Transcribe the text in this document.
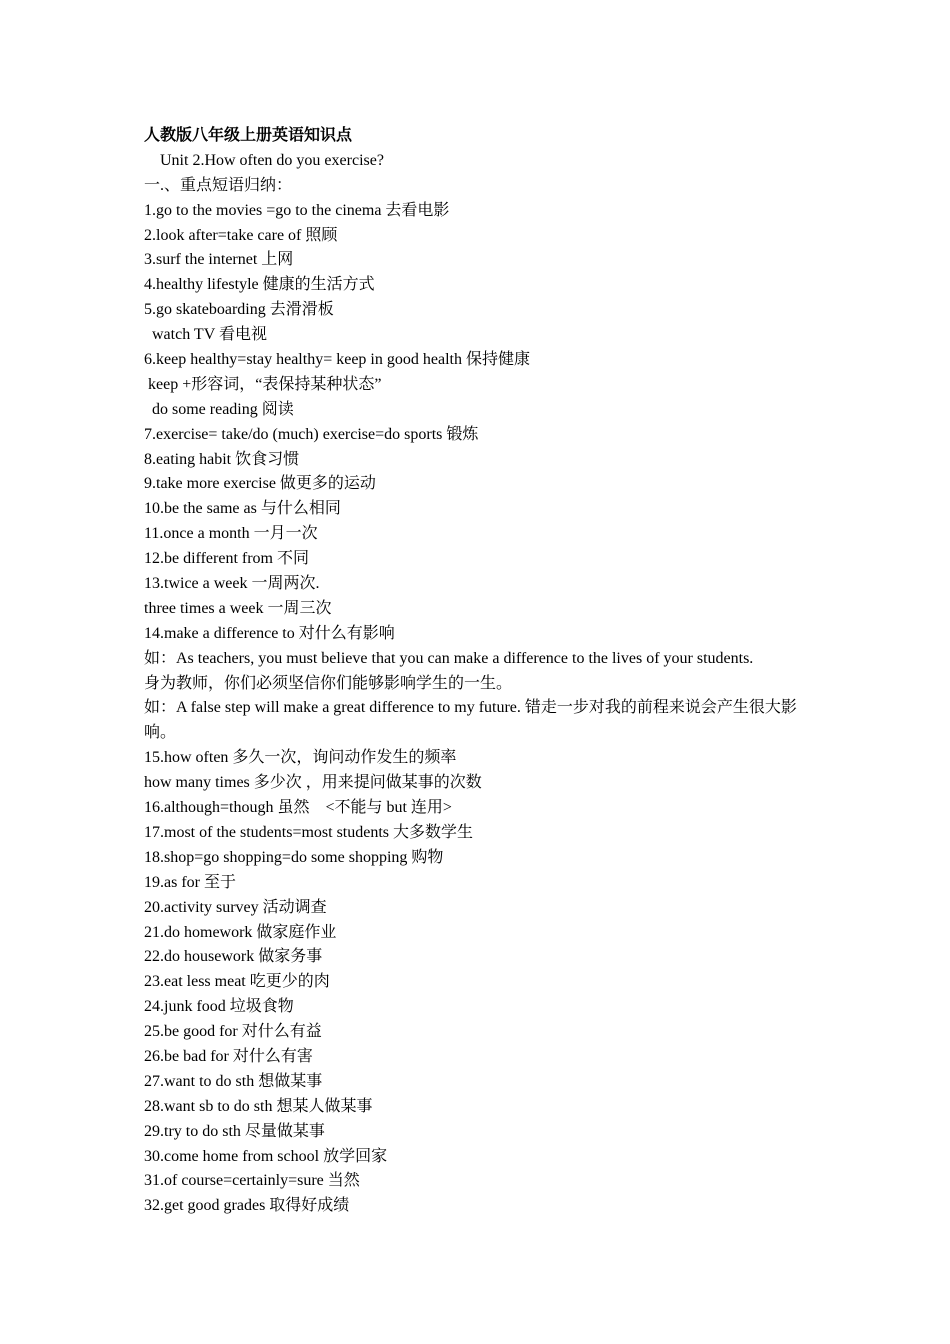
人教版八年级上册英语知识点
Unit 2.How often do you exercise?
一.、重点短语归纳：
1.go to the movies =go to the cinema 去看电影
2.look after=take care of 照顾
3.surf the internet 上网
4.healthy lifestyle 健康的生活方式
5.go skateboarding 去滑滑板
watch TV 看电视
6.keep healthy=stay healthy= keep in good health 保持健康
keep +形容词，“表保持某种状态”
do some reading 阅读
7.exercise= take/do (much) exercise=do sports 锻炼
8.eating habit 饮食习惯
9.take more exercise 做更多的运动
10.be the same as 与什么相同
11.once a month 一月一次
12.be different from 不同
13.twice a week 一周两次.
three times a week 一周三次
14.make a difference to 对什么有影响
如：As teachers, you must believe that you can make a difference to the lives of your students.
身为教师，你们必须坚信你们能够影响学生的一生。
如：A false step will make a great difference to my future. 错走一步对我的前程来说会产生很大影响。
15.how often 多久一次，询问动作发生的频率
how many times 多少次 ，用来提问做某事的次数
16.although=though 虽然　<不能与 but 连用>
17.most of the students=most students 大多数学生
18.shop=go shopping=do some shopping 购物
19.as for 至于
20.activity survey 活动调查
21.do homework 做家庭作业
22.do housework 做家务事
23.eat less meat 吃更少的肉
24.junk food 垃圾食物
25.be good for 对什么有益
26.be bad for 对什么有害
27.want to do sth 想做某事
28.want sb to do sth 想某人做某事
29.try to do sth 尽量做某事
30.come home from school 放学回家
31.of course=certainly=sure 当然
32.get good grades 取得好成绩
